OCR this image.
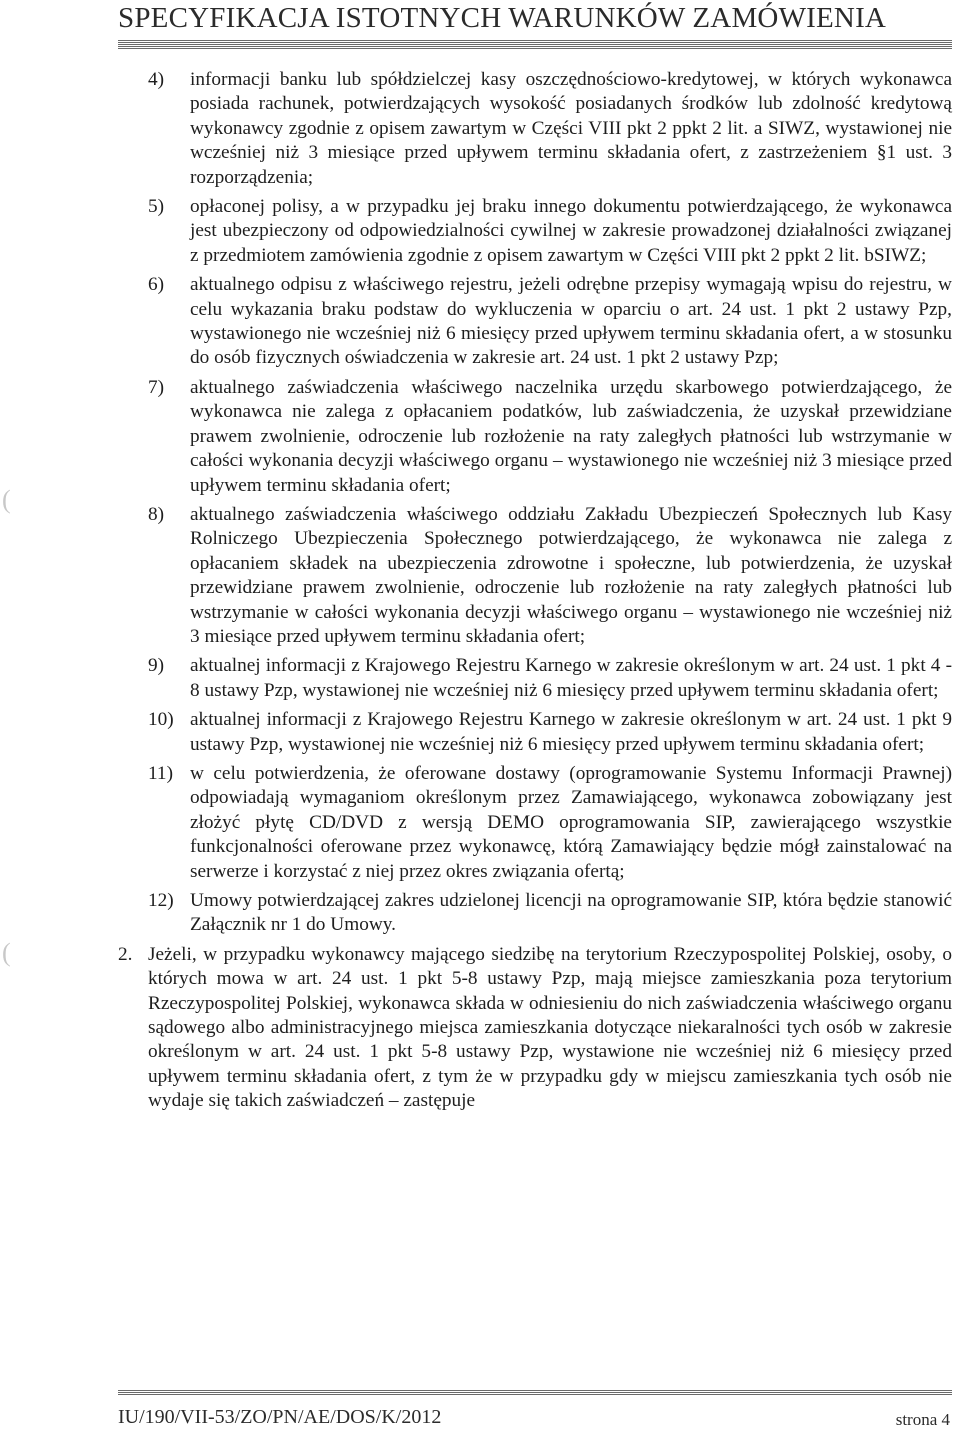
SPECYFIKACJA ISTOTNYCH WARUNKÓW ZAMÓWIENIA
(
(
4) informacji banku lub spółdzielczej kasy oszczędnościowo-kredytowej, w których wykonawca posiada rachunek, potwierdzających wysokość posiadanych środków lub zdolność kredytową wykonawcy zgodnie z opisem zawartym w Części VIII pkt 2 ppkt 2 lit. a SIWZ, wystawionej nie wcześniej niż 3 miesiące przed upływem terminu składania ofert, z zastrzeżeniem §1 ust. 3 rozporządzenia;
5) opłaconej polisy, a w przypadku jej braku innego dokumentu potwierdzającego, że wykonawca jest ubezpieczony od odpowiedzialności cywilnej w zakresie prowadzonej działalności związanej z przedmiotem zamówienia zgodnie z opisem zawartym w Części VIII pkt 2 ppkt 2 lit. bSIWZ;
6) aktualnego odpisu z właściwego rejestru, jeżeli odrębne przepisy wymagają wpisu do rejestru, w celu wykazania braku podstaw do wykluczenia w oparciu o art. 24 ust. 1 pkt 2 ustawy Pzp, wystawionego nie wcześniej niż 6 miesięcy przed upływem terminu składania ofert, a w stosunku do osób fizycznych oświadczenia w zakresie art. 24 ust. 1 pkt 2 ustawy Pzp;
7) aktualnego zaświadczenia właściwego naczelnika urzędu skarbowego potwierdzającego, że wykonawca nie zalega z opłacaniem podatków, lub zaświadczenia, że uzyskał przewidziane prawem zwolnienie, odroczenie lub rozłożenie na raty zaległych płatności lub wstrzymanie w całości wykonania decyzji właściwego organu – wystawionego nie wcześniej niż 3 miesiące przed upływem terminu składania ofert;
8) aktualnego zaświadczenia właściwego oddziału Zakładu Ubezpieczeń Społecznych lub Kasy Rolniczego Ubezpieczenia Społecznego potwierdzającego, że wykonawca nie zalega z opłacaniem składek na ubezpieczenia zdrowotne i społeczne, lub potwierdzenia, że uzyskał przewidziane prawem zwolnienie, odroczenie lub rozłożenie na raty zaległych płatności lub wstrzymanie w całości wykonania decyzji właściwego organu – wystawionego nie wcześniej niż 3 miesiące przed upływem terminu składania ofert;
9) aktualnej informacji z Krajowego Rejestru Karnego w zakresie określonym w art. 24 ust. 1 pkt 4 - 8 ustawy Pzp, wystawionej nie wcześniej niż 6 miesięcy przed upływem terminu składania ofert;
10) aktualnej informacji z Krajowego Rejestru Karnego w zakresie określonym w art. 24 ust. 1 pkt 9 ustawy Pzp, wystawionej nie wcześniej niż 6 miesięcy przed upływem terminu składania ofert;
11) w celu potwierdzenia, że oferowane dostawy (oprogramowanie Systemu Informacji Prawnej) odpowiadają wymaganiom określonym przez Zamawiającego, wykonawca zobowiązany jest złożyć płytę CD/DVD z wersją DEMO oprogramowania SIP, zawierającego wszystkie funkcjonalności oferowane przez wykonawcę, którą Zamawiający będzie mógł zainstalować na serwerze i korzystać z niej przez okres związania ofertą;
12) Umowy potwierdzającej zakres udzielonej licencji na oprogramowanie SIP, która będzie stanowić Załącznik nr 1 do Umowy.
2. Jeżeli, w przypadku wykonawcy mającego siedzibę na terytorium Rzeczypospolitej Polskiej, osoby, o których mowa w art. 24 ust. 1 pkt 5-8 ustawy Pzp, mają miejsce zamieszkania poza terytorium Rzeczypospolitej Polskiej, wykonawca składa w odniesieniu do nich zaświadczenia właściwego organu sądowego albo administracyjnego miejsca zamieszkania dotyczące niekaralności tych osób w zakresie określonym w art. 24 ust. 1 pkt 5-8 ustawy Pzp, wystawione nie wcześniej niż 6 miesięcy przed upływem terminu składania ofert, z tym że w przypadku gdy w miejscu zamieszkania tych osób nie wydaje się takich zaświadczeń – zastępuje
IU/190/VII-53/ZO/PN/AE/DOS/K/2012	strona 4
